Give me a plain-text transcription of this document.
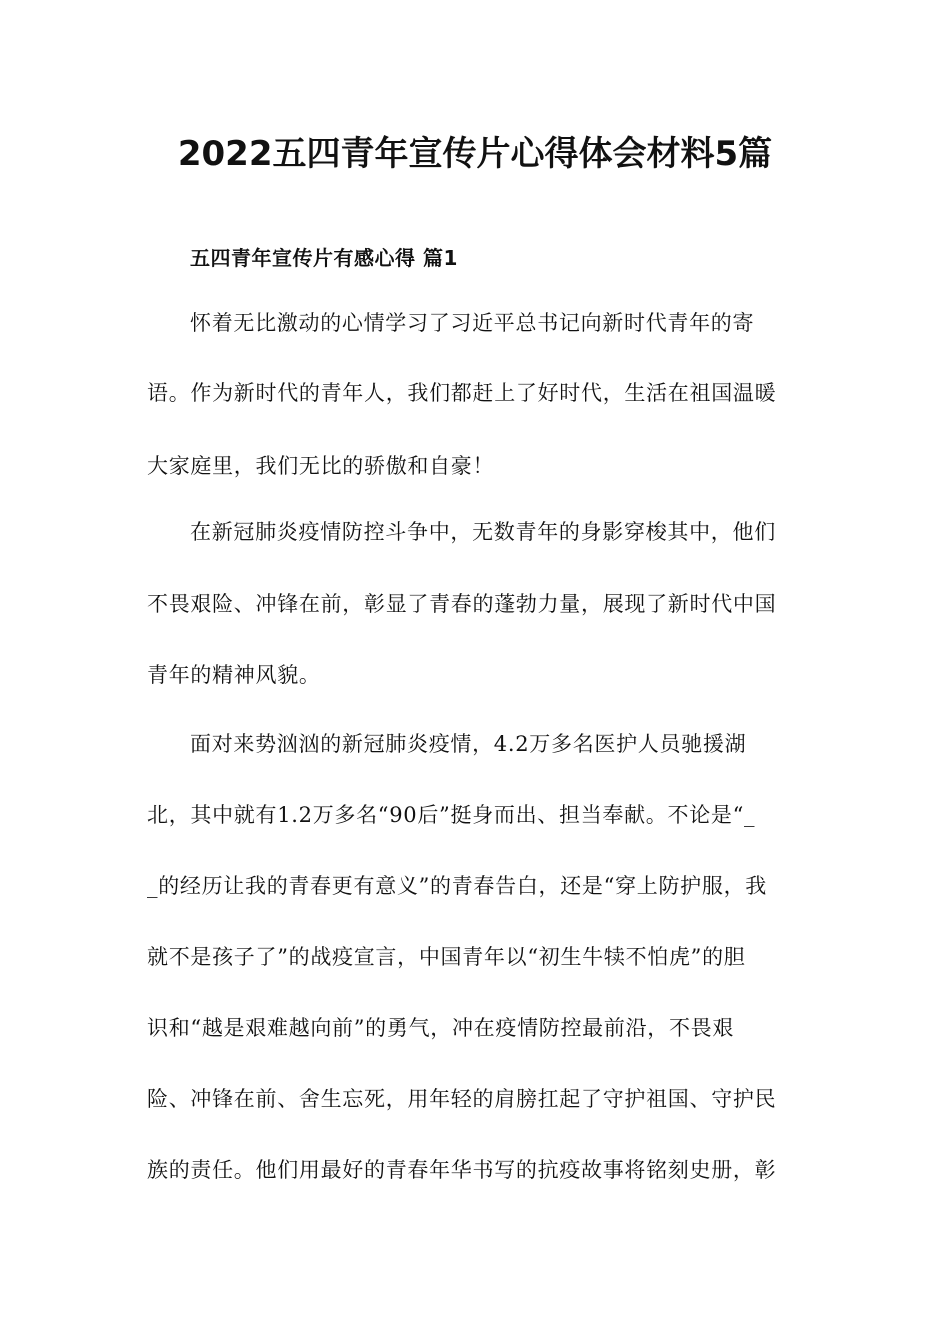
2022五四青年宣传片心得体会材料5篇
五四青年宣传片有感心得 篇1
怀着无比激动的心情学习了习近平总书记向新时代青年的寄
语。作为新时代的青年人，我们都赶上了好时代，生活在祖国温暖
大家庭里，我们无比的骄傲和自豪！
在新冠肺炎疫情防控斗争中，无数青年的身影穿梭其中，他们
不畏艰险、冲锋在前，彰显了青春的蓬勃力量，展现了新时代中国
青年的精神风貌。
面对来势汹汹的新冠肺炎疫情，4.2万多名医护人员驰援湖
北，其中就有1.2万多名“90后”挺身而出、担当奉献。不论是“_
_的经历让我的青春更有意义”的青春告白，还是“穿上防护服，我
就不是孩子了”的战疫宣言，中国青年以“初生牛犊不怕虎”的胆
识和“越是艰难越向前”的勇气，冲在疫情防控最前沿，不畏艰
险、冲锋在前、舍生忘死，用年轻的肩膀扛起了守护祖国、守护民
族的责任。他们用最好的青春年华书写的抗疫故事将铭刻史册，彰
